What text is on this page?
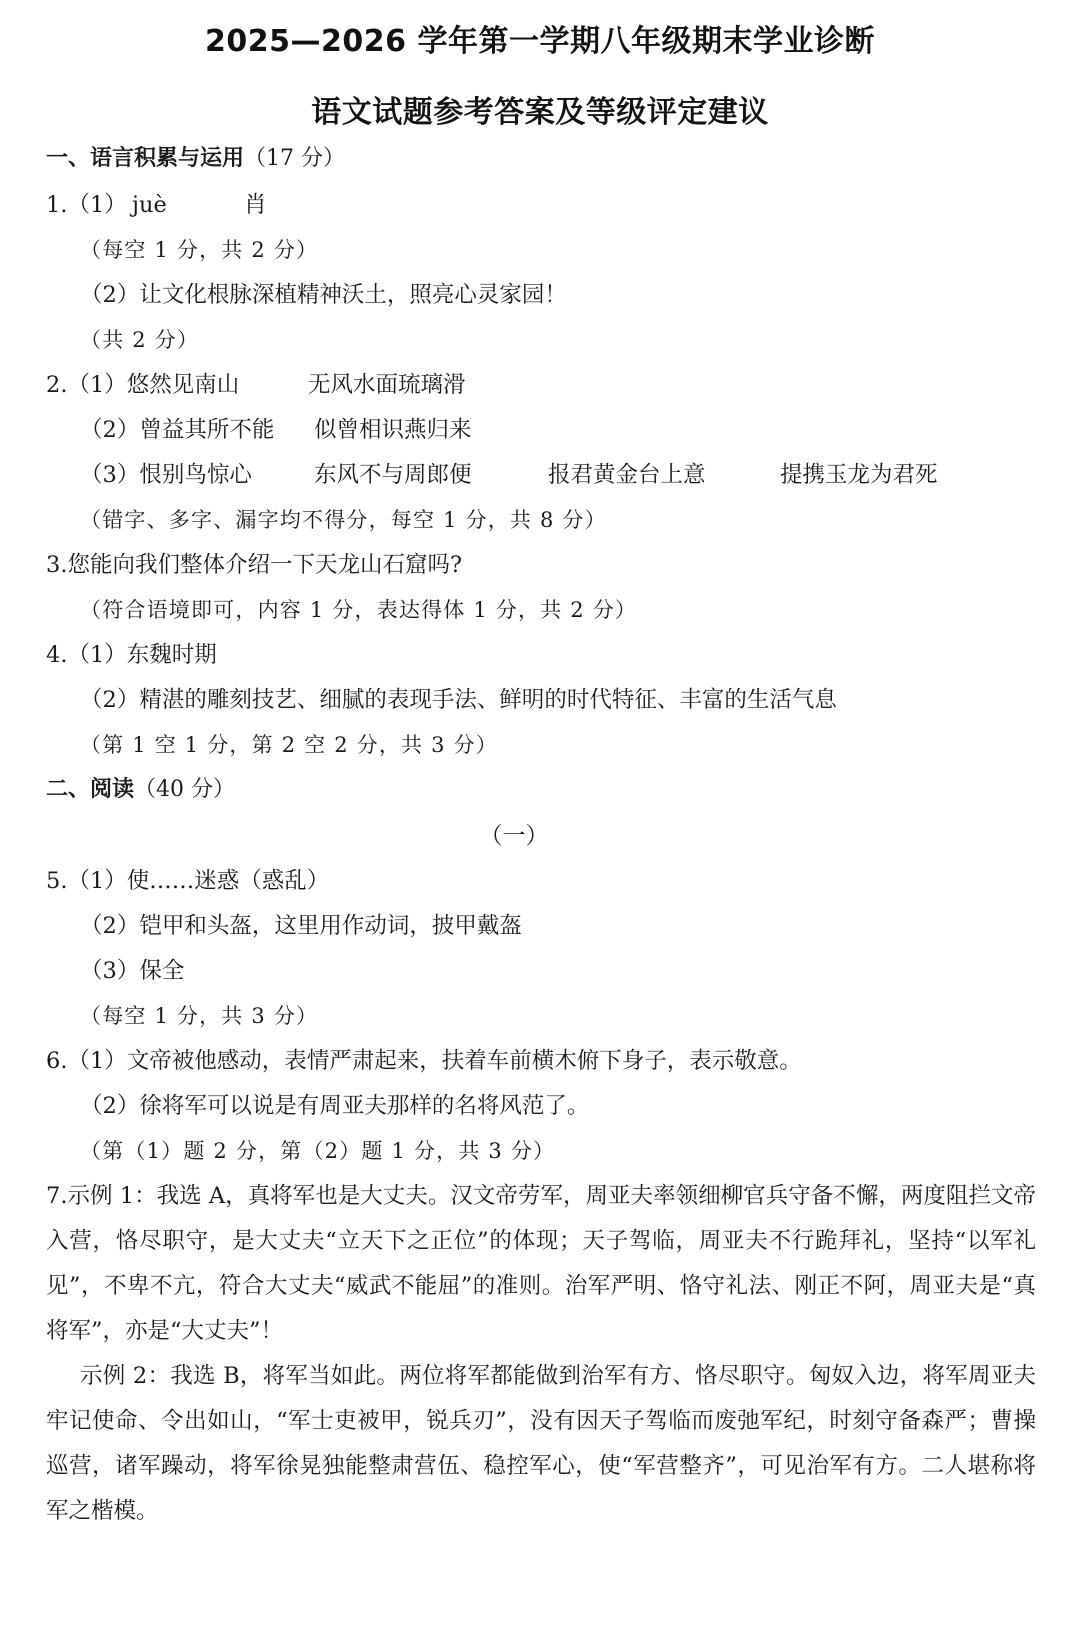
2025—2026 学年第一学期八年级期末学业诊断
语文试题参考答案及等级评定建议
一、语言积累与运用（17 分）
1.（1） juè	肖
（每空 1 分，共 2 分）
（2）让文化根脉深植精神沃土，照亮心灵家园！
（共 2 分）
2.（1）悠然见南山	无风水面琉璃滑
（2）曾益其所不能 似曾相识燕归来
（3）恨别鸟惊心	东风不与周郎便	报君黄金台上意	提携玉龙为君死
（错字、多字、漏字均不得分，每空 1 分，共 8 分）
3.您能向我们整体介绍一下天龙山石窟吗?
（符合语境即可，内容 1 分，表达得体 1 分，共 2 分）
4.（1）东魏时期
（2）精湛的雕刻技艺、细腻的表现手法、鲜明的时代特征、丰富的生活气息
（第 1 空 1 分，第 2 空 2 分，共 3 分）
二、阅读（40 分）
（一）
5.（1）使……迷惑（惑乱）
（2）铠甲和头盔，这里用作动词，披甲戴盔
（3）保全
（每空 1 分，共 3 分）
6.（1）文帝被他感动，表情严肃起来，扶着车前横木俯下身子，表示敬意。
（2）徐将军可以说是有周亚夫那样的名将风范了。
（第（1）题 2 分，第（2）题 1 分，共 3 分）
7.示例 1：我选 A，真将军也是大丈夫。汉文帝劳军，周亚夫率领细柳官兵守备不懈，两度阻拦文帝入营，恪尽职守，是大丈夫“立天下之正位”的体现；天子驾临，周亚夫不行跪拜礼，坚持“以军礼见”，不卑不亢，符合大丈夫“威武不能屈”的准则。治军严明、恪守礼法、刚正不阿，周亚夫是“真将军”，亦是“大丈夫”！
示例 2：我选 B，将军当如此。两位将军都能做到治军有方、恪尽职守。匈奴入边，将军周亚夫牢记使命、令出如山，“军士吏被甲，锐兵刃”，没有因天子驾临而废弛军纪，时刻守备森严；曹操巡营，诸军躁动，将军徐晃独能整肃营伍、稳控军心，使“军营整齐”，可见治军有方。二人堪称将军之楷模。
